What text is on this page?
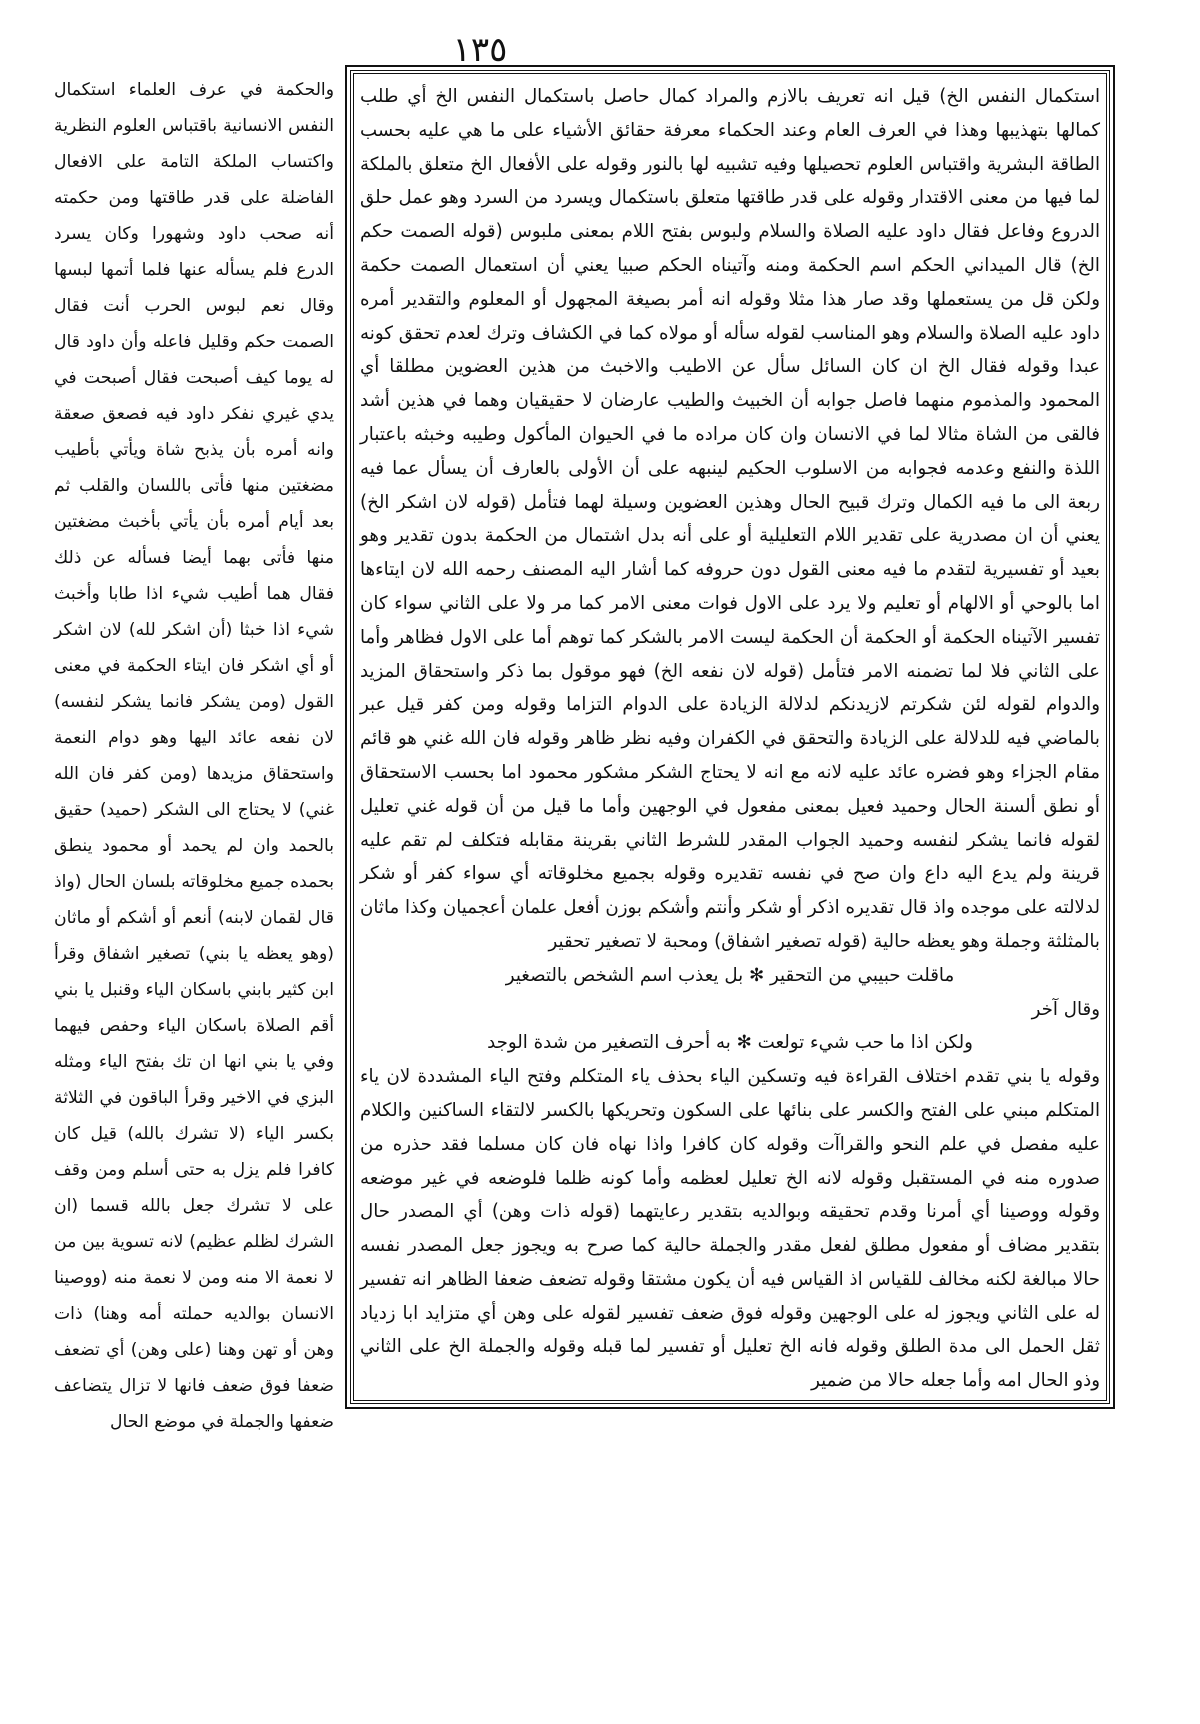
١٣٥

والحكمة في عرف العلماء استكمال النفس الانسانية باقتباس العلوم النظرية واكتساب الملكة التامة على الافعال الفاضلة على قدر طاقتها ومن حكمته أنه صحب داود وشهورا وكان يسرد الدرع فلم يسأله عنها فلما أتمها لبسها وقال نعم لبوس الحرب أنت فقال الصمت حكم وقليل فاعله وأن داود قال له يوما كيف أصبحت فقال أصبحت في يدي غيري نفكر داود فيه فصعق صعقة وانه أمره بأن يذبح شاة ويأتي بأطيب مضغتين منها فأتى باللسان والقلب ثم بعد أيام أمره بأن يأتي بأخبث مضغتين منها فأتى بهما أيضا فسأله عن ذلك فقال هما أطيب شيء اذا طابا وأخبث شيء اذا خبثا (أن اشكر لله) لان اشكر أو أي اشكر فان ايتاء الحكمة في معنى القول (ومن يشكر فانما يشكر لنفسه) لان نفعه عائد اليها وهو دوام النعمة واستحقاق مزيدها (ومن كفر فان الله غني) لا يحتاج الى الشكر (حميد) حقيق بالحمد وان لم يحمد أو محمود ينطق بحمده جميع مخلوقاته بلسان الحال (واذ قال لقمان لابنه) أنعم أو أشكم أو ماثان (وهو يعظه يا بني) تصغير اشفاق وقرأ ابن كثير بابني باسكان الياء وقنبل يا بني أقم الصلاة باسكان الياء وحفص فيهما وفي يا بني انها ان تك بفتح الياء ومثله البزي في الاخير وقرأ الباقون في الثلاثة بكسر الياء (لا تشرك بالله) قيل كان كافرا فلم يزل به حتى أسلم ومن وقف على لا تشرك جعل بالله قسما (ان الشرك لظلم عظيم) لانه تسوية بين من لا نعمة الا منه ومن لا نعمة منه (ووصينا الانسان بوالديه حملته أمه وهنا) ذات وهن أو تهن وهنا (على وهن) أي تضعف ضعفا فوق ضعف فانها لا تزال يتضاعف ضعفها والجملة في موضع الحال

استكمال النفس الخ) قيل انه تعريف بالازم والمراد كمال حاصل باستكمال النفس الخ أي طلب كمالها بتهذيبها وهذا في العرف العام وعند الحكماء معرفة حقائق الأشياء على ما هي عليه بحسب الطاقة البشرية واقتباس العلوم تحصيلها وفيه تشبيه لها بالنور وقوله على الأفعال الخ متعلق بالملكة لما فيها من معنى الاقتدار وقوله على قدر طاقتها متعلق باستكمال ويسرد من السرد وهو عمل حلق الدروع وفاعل فقال داود عليه الصلاة والسلام ولبوس بفتح اللام بمعنى ملبوس (قوله الصمت حكم الخ) قال الميداني الحكم اسم الحكمة ومنه وآتيناه الحكم صبيا يعني أن استعمال الصمت حكمة ولكن قل من يستعملها وقد صار هذا مثلا وقوله انه أمر بصيغة المجهول أو المعلوم والتقدير أمره داود عليه الصلاة والسلام وهو المناسب لقوله سأله أو مولاه كما في الكشاف وترك لعدم تحقق كونه عبدا وقوله فقال الخ ان كان السائل سأل عن الاطيب والاخبث من هذين العضوين مطلقا أي المحمود والمذموم منهما فاصل جوابه أن الخبيث والطيب عارضان لا حقيقيان وهما في هذين أشد فالقى من الشاة مثالا لما في الانسان وان كان مراده ما في الحيوان المأكول وطيبه وخبثه باعتبار اللذة والنفع وعدمه فجوابه من الاسلوب الحكيم لينبهه على أن الأولى بالعارف أن يسأل عما فيه ربعة الى ما فيه الكمال وترك قبيح الحال وهذين العضوين وسيلة لهما فتأمل (قوله لان اشكر الخ) يعني أن ان مصدرية على تقدير اللام التعليلية أو على أنه بدل اشتمال من الحكمة بدون تقدير وهو بعيد أو تفسيرية لتقدم ما فيه معنى القول دون حروفه كما أشار اليه المصنف رحمه الله لان ايتاءها اما بالوحي أو الالهام أو تعليم ولا يرد على الاول فوات معنى الامر كما مر ولا على الثاني سواء كان تفسير الآتيناه الحكمة أو الحكمة أن الحكمة ليست الامر بالشكر كما توهم أما على الاول فظاهر وأما على الثاني فلا لما تضمنه الامر فتأمل (قوله لان نفعه الخ) فهو موقول بما ذكر واستحقاق المزيد والدوام لقوله لئن شكرتم لازيدنكم لدلالة الزيادة على الدوام التزاما وقوله ومن كفر قيل عبر بالماضي فيه للدلالة على الزيادة والتحقق في الكفران وفيه نظر ظاهر وقوله فان الله غني هو قائم مقام الجزاء وهو فضره عائد عليه لانه مع انه لا يحتاج الشكر مشكور محمود اما بحسب الاستحقاق أو نطق ألسنة الحال وحميد فعيل بمعنى مفعول في الوجهين وأما ما قيل من أن قوله غني تعليل لقوله فانما يشكر لنفسه وحميد الجواب المقدر للشرط الثاني بقرينة مقابله فتكلف لم تقم عليه قرينة ولم يدع اليه داع وان صح في نفسه تقديره وقوله بجميع مخلوقاته أي سواء كفر أو شكر لدلالته على موجده واذ قال تقديره اذكر أو شكر وأنتم وأشكم بوزن أفعل علمان أعجميان وكذا ماثان بالمثلثة وجملة وهو يعظه حالية (قوله تصغير اشفاق) ومحبة لا تصغير تحقير

ماقلت حبيبي من التحقير ✻ بل يعذب اسم الشخص بالتصغير

وقال آخر

ولكن اذا ما حب شيء تولعت ✻ به أحرف التصغير من شدة الوجد

وقوله يا بني تقدم اختلاف القراءة فيه وتسكين الياء بحذف ياء المتكلم وفتح الياء المشددة لان ياء المتكلم مبني على الفتح والكسر على بنائها على السكون وتحريكها بالكسر لالتقاء الساكنين والكلام عليه مفصل في علم النحو والقراآت وقوله كان كافرا واذا نهاه فان كان مسلما فقد حذره من صدوره منه في المستقبل وقوله لانه الخ تعليل لعظمه وأما كونه ظلما فلوضعه في غير موضعه وقوله ووصينا أي أمرنا وقدم تحقيقه وبوالديه بتقدير رعايتهما (قوله ذات وهن) أي المصدر حال بتقدير مضاف أو مفعول مطلق لفعل مقدر والجملة حالية كما صرح به ويجوز جعل المصدر نفسه حالا مبالغة لكنه مخالف للقياس اذ القياس فيه أن يكون مشتقا وقوله تضعف ضعفا الظاهر انه تفسير له على الثاني ويجوز له على الوجهين وقوله فوق ضعف تفسير لقوله على وهن أي متزايد ابا زدياد ثقل الحمل الى مدة الطلق وقوله فانه الخ تعليل أو تفسير لما قبله وقوله والجملة الخ على الثاني وذو الحال امه وأما جعله حالا من ضمير
